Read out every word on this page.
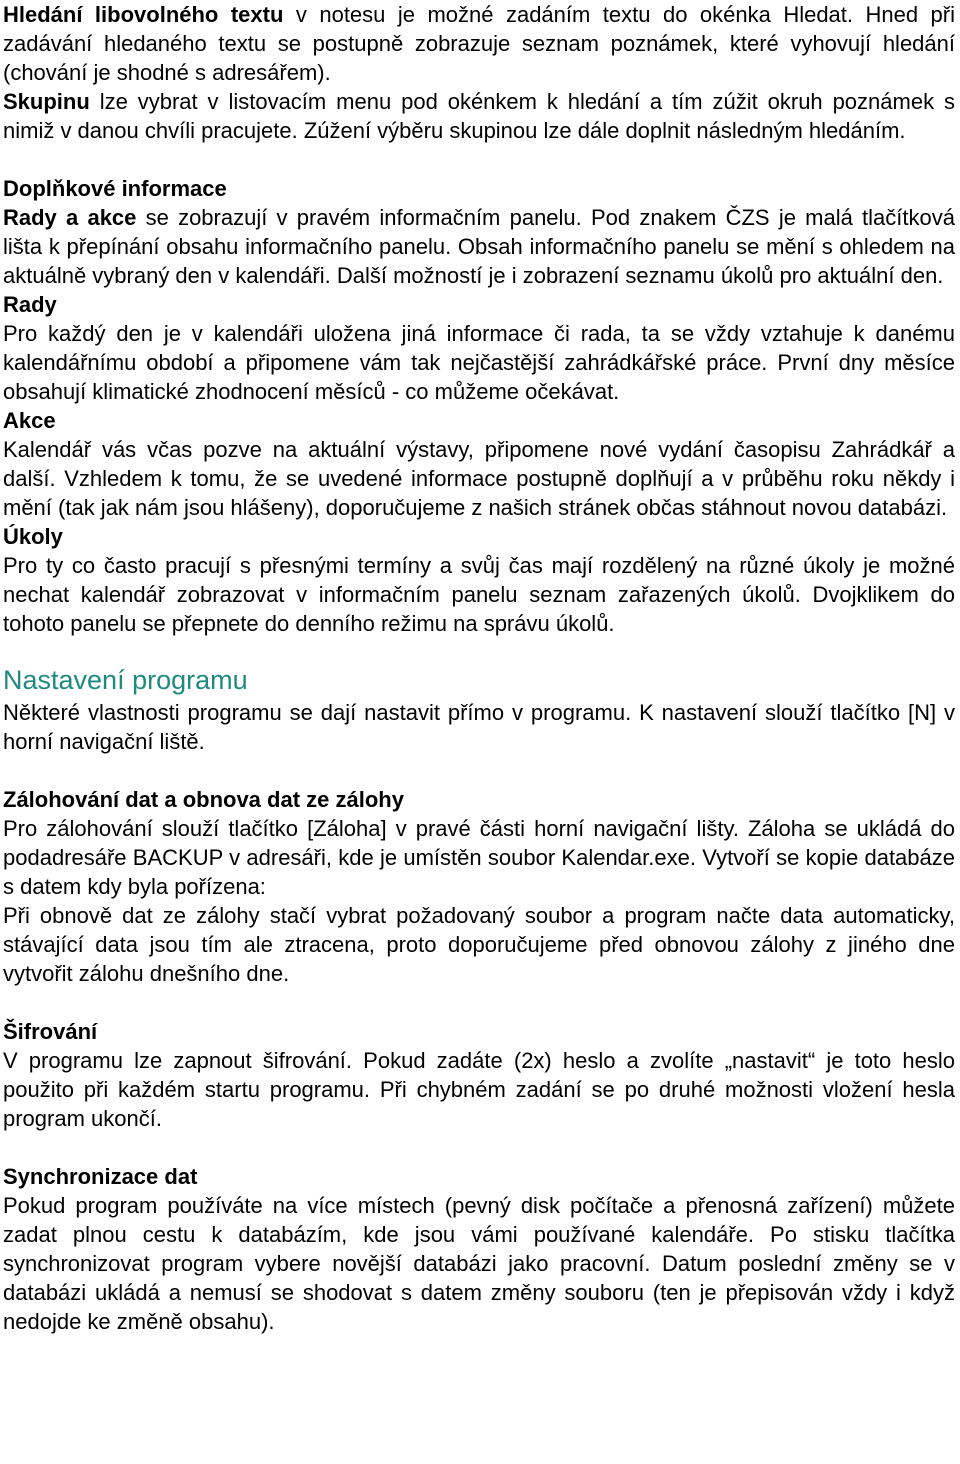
Hledání libovolného textu v notesu je možné zadáním textu do okénka Hledat. Hned při zadávání hledaného textu se postupně zobrazuje seznam poznámek, které vyhovují hledání (chování je shodné s adresářem).

Skupinu lze vybrat v listovacím menu pod okénkem k hledání a tím zúžit okruh poznámek s nimiž v danou chvíli pracujete. Zúžení výběru skupinou lze dále doplnit následným hledáním.

Doplňkové informace

Rady a akce se zobrazují v pravém informačním panelu. Pod znakem ČZS je malá tlačítková lišta k přepínání obsahu informačního panelu. Obsah informačního panelu se mění s ohledem na aktuálně vybraný den v kalendáři. Další možností je i zobrazení seznamu úkolů pro aktuální den.

Rady

Pro každý den je v kalendáři uložena jiná informace či rada, ta se vždy vztahuje k danému kalendářnímu období a připomene vám tak nejčastější zahrádkářské práce. První dny měsíce obsahují klimatické zhodnocení měsíců - co můžeme očekávat.

Akce

Kalendář vás včas pozve na aktuální výstavy, připomene nové vydání časopisu Zahrádkář a další. Vzhledem k tomu, že se uvedené informace postupně doplňují a v průběhu roku někdy i mění (tak jak nám jsou hlášeny), doporučujeme z našich stránek občas stáhnout novou databázi.

Úkoly

Pro ty co často pracují s přesnými termíny a svůj čas mají rozdělený na různé úkoly je možné nechat kalendář zobrazovat v informačním panelu seznam zařazených úkolů. Dvojklikem do tohoto panelu se přepnete do denního režimu na správu úkolů.

Nastavení programu

Některé vlastnosti programu se dají nastavit přímo v programu. K nastavení slouží tlačítko [N] v horní navigační liště.

Zálohování dat a obnova dat ze zálohy

Pro zálohování slouží tlačítko [Záloha] v pravé části horní navigační lišty. Záloha se ukládá do podadresáře BACKUP v adresáři, kde je umístěn soubor Kalendar.exe. Vytvoří se kopie databáze s datem kdy byla pořízena:

Při obnově dat ze zálohy stačí vybrat požadovaný soubor a program načte data automaticky, stávající data jsou tím ale ztracena, proto doporučujeme před obnovou zálohy z jiného dne vytvořit zálohu dnešního dne.

Šifrování

V programu lze zapnout šifrování. Pokud zadáte (2x) heslo a zvolíte „nastavit“ je toto heslo použito při každém startu programu. Při chybném zadání se po druhé možnosti vložení hesla program ukončí.

Synchronizace dat

Pokud program používáte na více místech (pevný disk počítače a přenosná zařízení) můžete zadat plnou cestu k databázím, kde jsou vámi používané kalendáře. Po stisku tlačítka synchronizovat program vybere novější databázi jako pracovní. Datum poslední změny se v databázi ukládá a nemusí se shodovat s datem změny souboru (ten je přepisován vždy i když nedojde ke změně obsahu).
